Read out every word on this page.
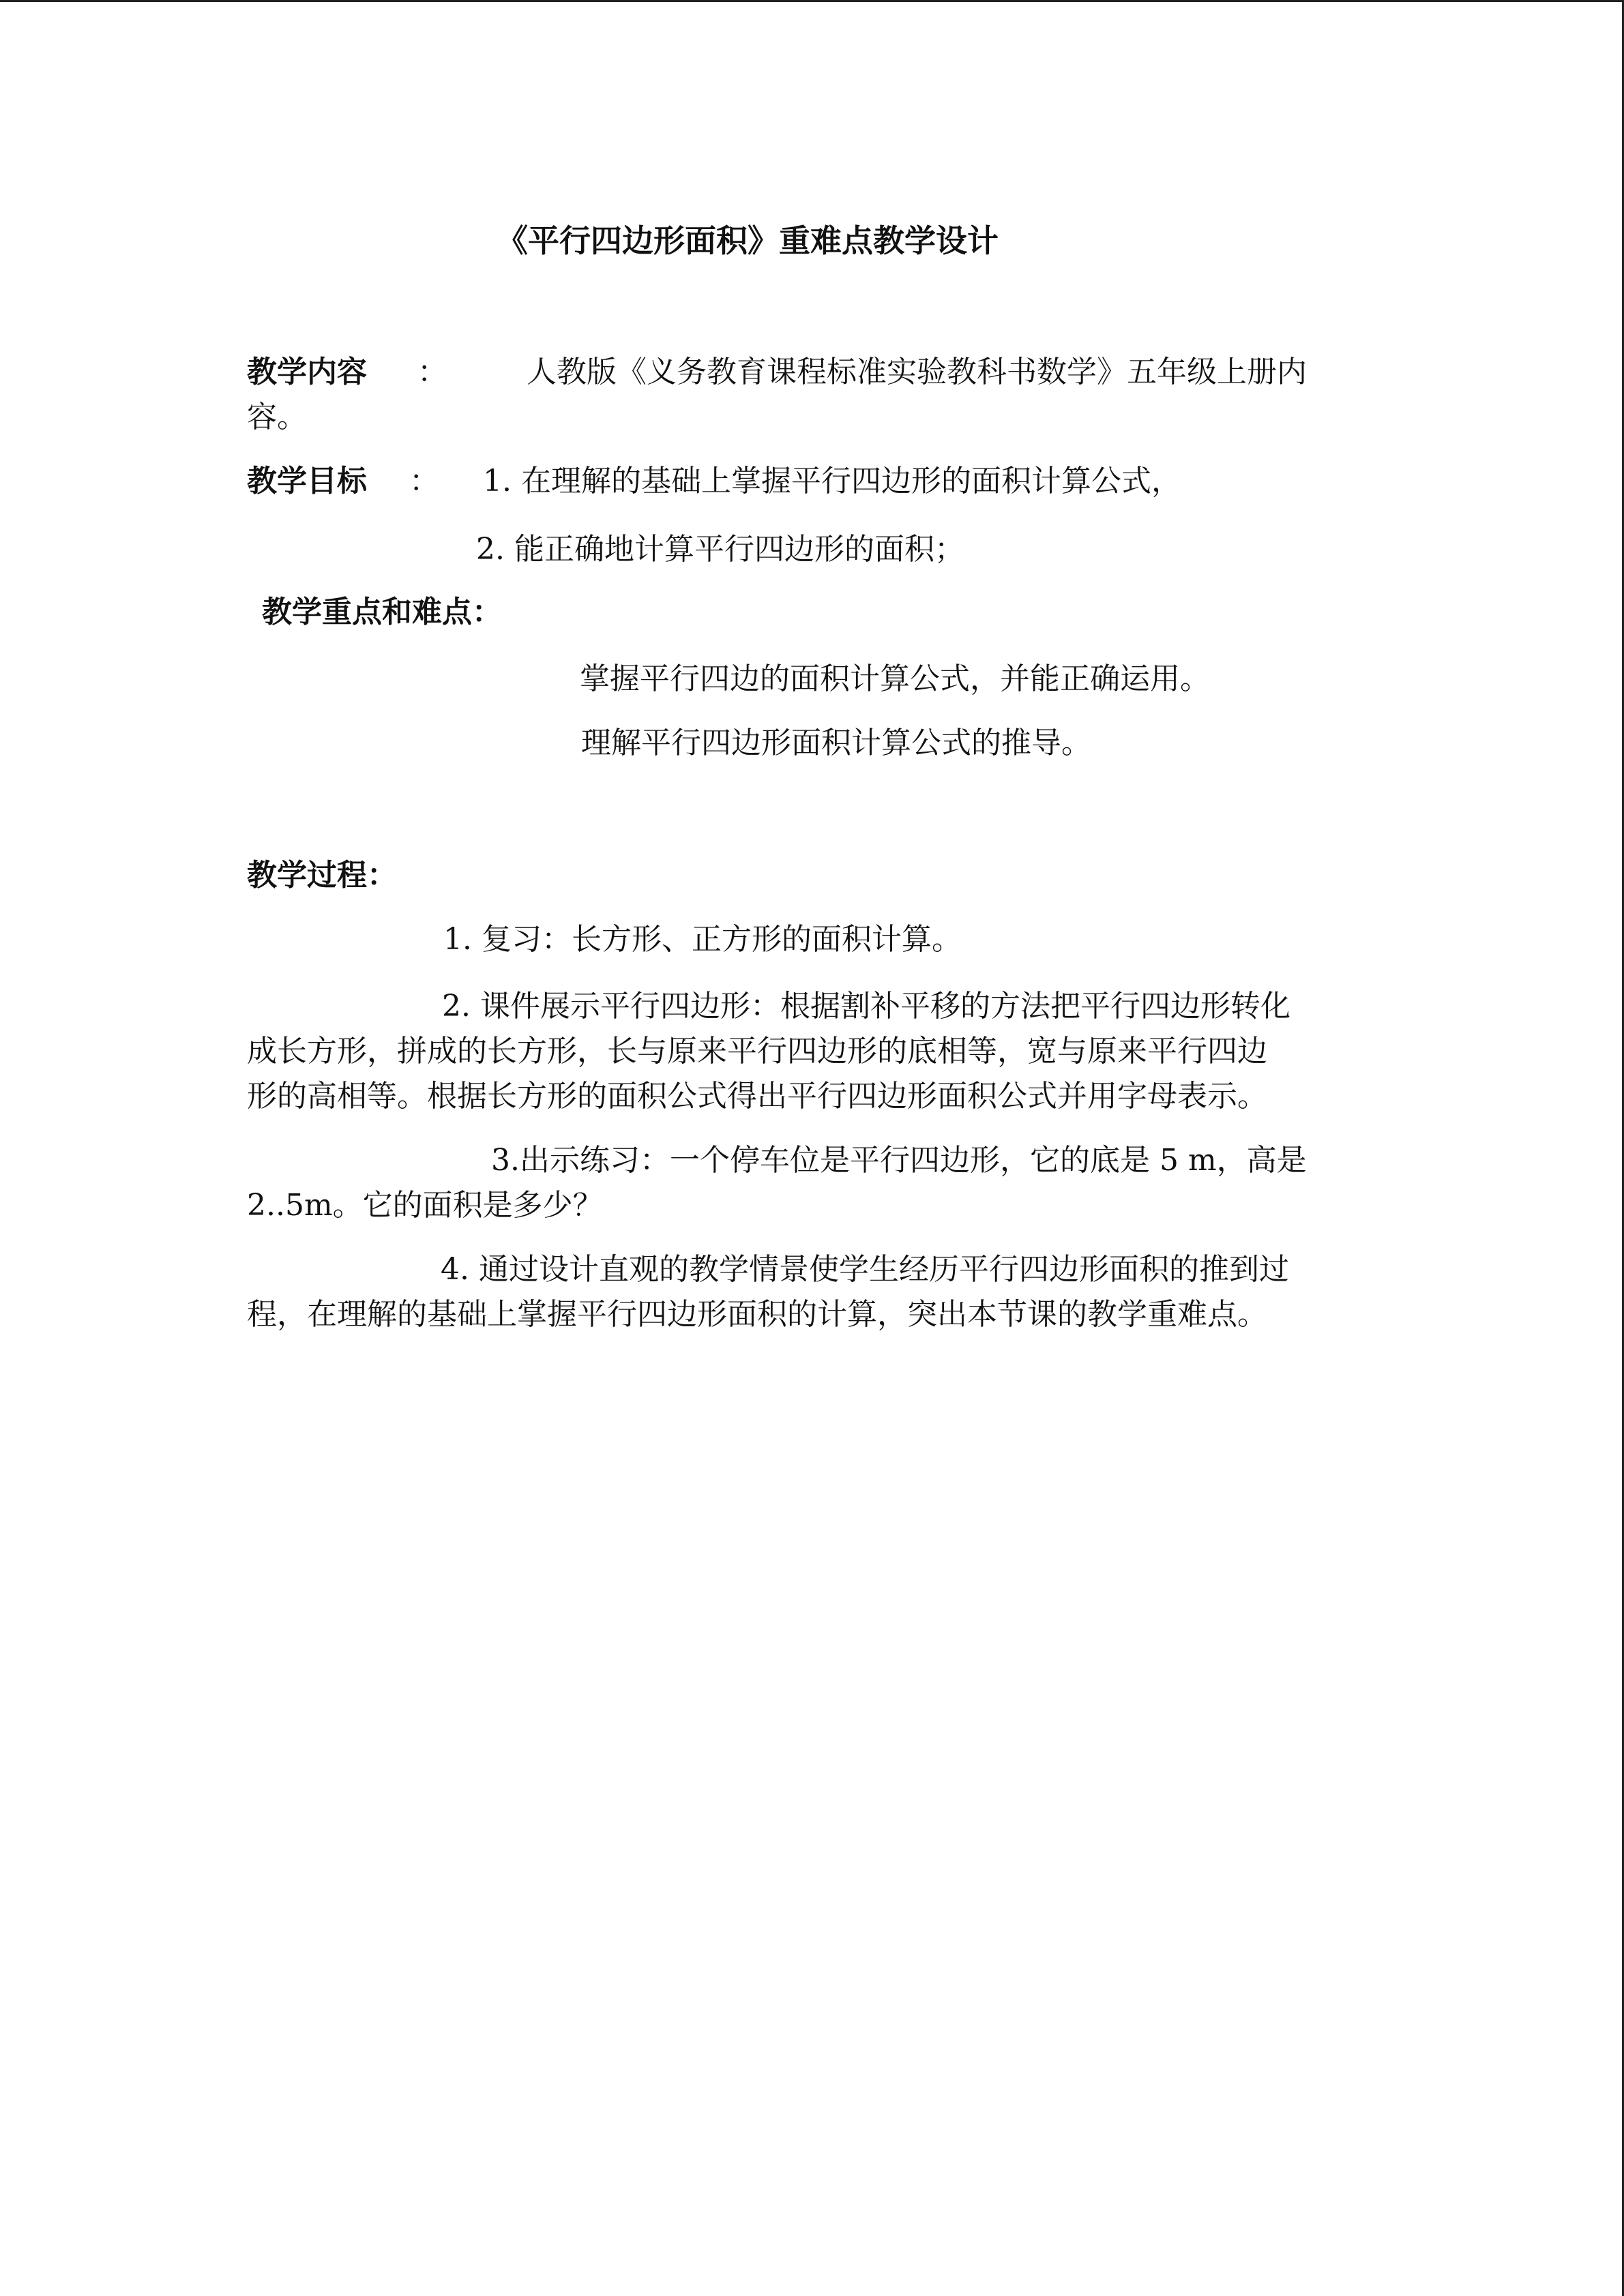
《平行四边形面积》重难点教学设计
教学内容 ：	人教版《义务教育课程标准实验教科书数学》五年级上册内
容。
教学目标 ： 1. 在理解的基础上掌握平行四边形的面积计算公式，
2. 能正确地计算平行四边形的面积；
教学重点和难点：
掌握平行四边的面积计算公式，并能正确运用。
理解平行四边形面积计算公式的推导。
教学过程：
1. 复习：长方形、正方形的面积计算。
2. 课件展示平行四边形：根据割补平移的方法把平行四边形转化
成长方形，拼成的长方形，长与原来平行四边形的底相等，宽与原来平行四边
形的高相等。根据长方形的面积公式得出平行四边形面积公式并用字母表示。
3.出示练习：一个停车位是平行四边形，它的底是 5 m，高是
2..5m。它的面积是多少？
4. 通过设计直观的教学情景使学生经历平行四边形面积的推到过
程，在理解的基础上掌握平行四边形面积的计算，突出本节课的教学重难点。
